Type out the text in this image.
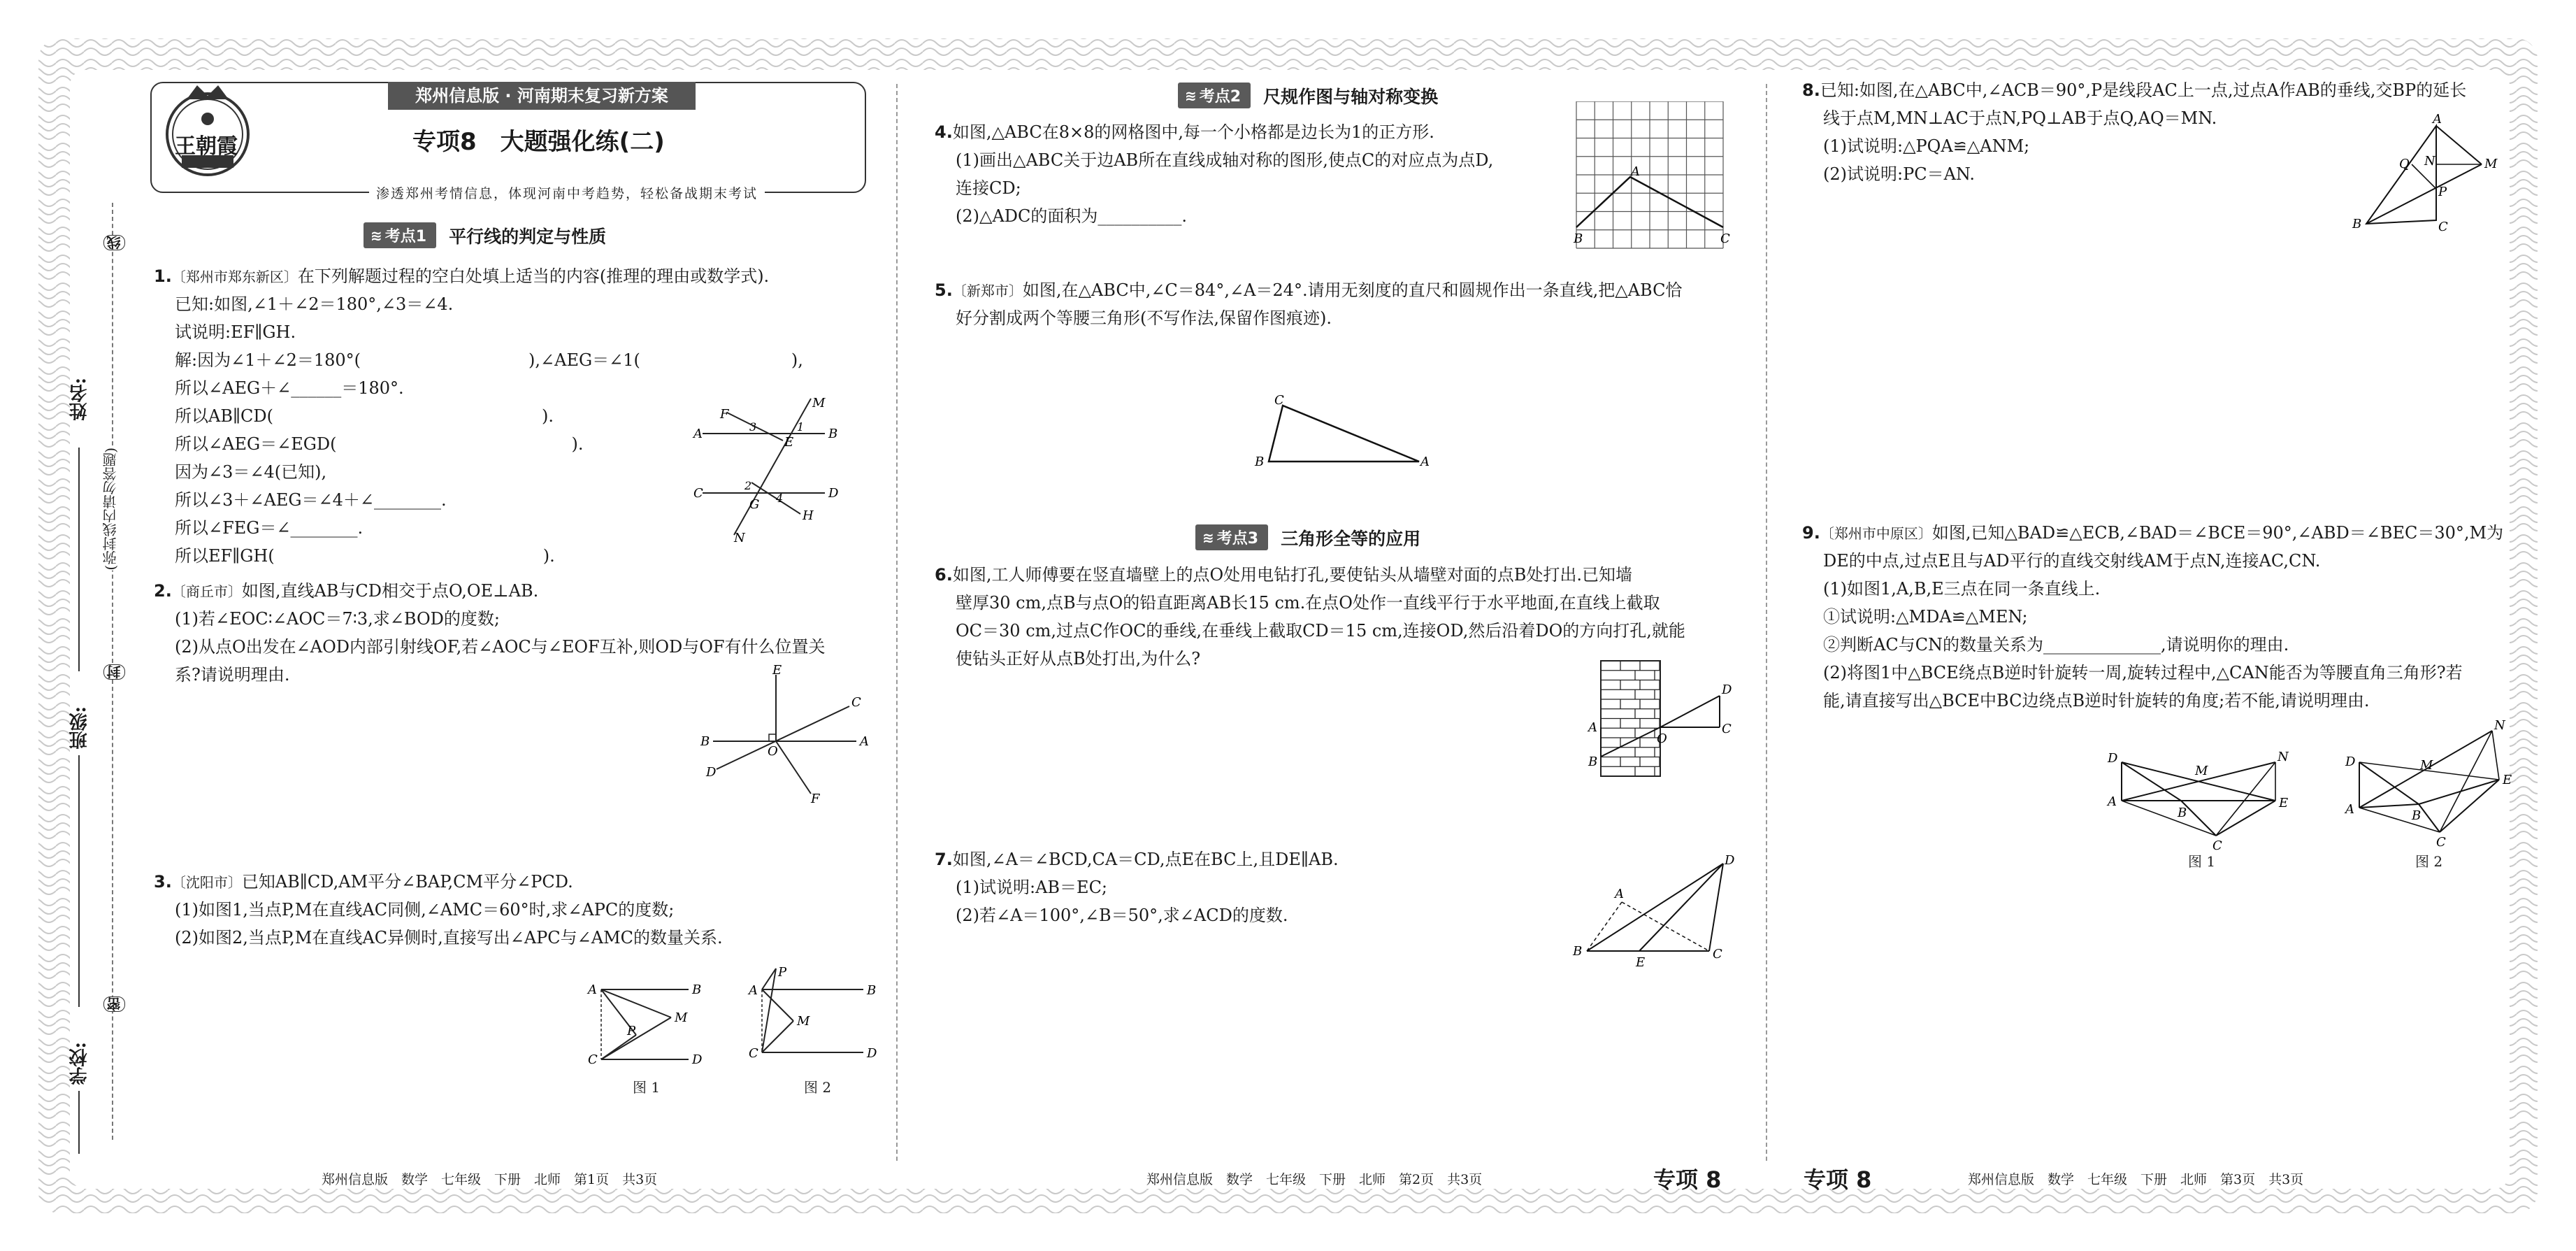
姓名:
班级:
学校:
(弥封线内请勿答题)
线
封
密
王朝霞
郑州信息版 · 河南期末复习新方案
专项8　大题强化练(二)
渗透郑州考情信息，体现河南中考趋势，轻松备战期末考试
≋ 考点1 平行线的判定与性质
1.〔郑州市郑东新区〕在下列解题过程的空白处填上适当的内容(推理的理由或数学式).
已知:如图,∠1＋∠2＝180°,∠3＝∠4.
试说明:EF∥GH.
解:因为∠1＋∠2＝180°(　　　　　　　　　　),∠AEG＝∠1(　　　　　　　　　),
所以∠AEG＋∠______＝180°.
所以AB∥CD(　　　　　　　　　　　　　　　　).
所以∠AEG＝∠EGD(　　　　　　　　　　　　　　).
因为∠3＝∠4(已知),
所以∠3＋∠AEG＝∠4＋∠________.
所以∠FEG＝∠________.
所以EF∥GH(　　　　　　　　　　　　　　　　).
A	B
C	D
M
N
F
E
H
G
1
2
3
4
2.〔商丘市〕如图,直线AB与CD相交于点O,OE⊥AB.
(1)若∠EOC∶∠AOC＝7∶3,求∠BOD的度数;
(2)从点O出发在∠AOD内部引射线OF,若∠AOC与∠EOF互补,则OD与OF有什么位置关
系?请说明理由.	E
B	A
C
D
O
F
3.〔沈阳市〕已知AB∥CD,AM平分∠BAP,CM平分∠PCD.
(1)如图1,当点P,M在直线AC同侧,∠AMC＝60°时,求∠APC的度数;
(2)如图2,当点P,M在直线AC异侧时,直接写出∠APC与∠AMC的数量关系.
A	B
C	D
P
M
图 1
A	B
C	D
P
M
图 2
郑州信息版　数学　七年级　下册　北师　第1页　共3页
≋ 考点2 尺规作图与轴对称变换
4.如图,△ABC在8×8的网格图中,每一个小格都是边长为1的正方形.
(1)画出△ABC关于边AB所在直线成轴对称的图形,使点C的对应点为点D,
连接CD;
(2)△ADC的面积为__________.
A
B	C
5.〔新郑市〕如图,在△ABC中,∠C＝84°,∠A＝24°.请用无刻度的直尺和圆规作出一条直线,把△ABC恰
好分割成两个等腰三角形(不写作法,保留作图痕迹).
C
B	A
≋ 考点3 三角形全等的应用
6.如图,工人师傅要在竖直墙壁上的点O处用电钻打孔,要使钻头从墙壁对面的点B处打出.已知墙
壁厚30 cm,点B与点O的铅直距离AB长15 cm.在点O处作一直线平行于水平地面,在直线上截取
OC＝30 cm,过点C作OC的垂线,在垂线上截取CD＝15 cm,连接OD,然后沿着DO的方向打孔,就能
使钻头正好从点B处打出,为什么?
A
B
O
C
D
7.如图,∠A＝∠BCD,CA＝CD,点E在BC上,且DE∥AB.
(1)试说明:AB＝EC;
(2)若∠A＝100°,∠B＝50°,求∠ACD的度数.
A
B	C
D
E
郑州信息版　数学　七年级　下册　北师　第2页　共3页	专项 8
8.已知:如图,在△ABC中,∠ACB＝90°,P是线段AC上一点,过点A作AB的垂线,交BP的延长
线于点M,MN⊥AC于点N,PQ⊥AB于点Q,AQ＝MN.
(1)试说明:△PQA≌△ANM;
(2)试说明:PC＝AN.
A
B	C
M
N
P
Q
9.〔郑州市中原区〕如图,已知△BAD≌△ECB,∠BAD＝∠BCE＝90°,∠ABD＝∠BEC＝30°,M为
DE的中点,过点E且与AD平行的直线交射线AM于点N,连接AC,CN.
(1)如图1,A,B,E三点在同一条直线上.
①试说明:△MDA≌△MEN;
②判断AC与CN的数量关系为______________,请说明你的理由.
(2)将图1中△BCE绕点B逆时针旋转一周,旋转过程中,△CAN能否为等腰直角三角形?若
能,请直接写出△BCE中BC边绕点B逆时针旋转的角度;若不能,请说明理由.
D
A
B
C
E
N
M
图 1
D
A	B
C
E
N
M
图 2
专项 8	郑州信息版　数学　七年级　下册　北师　第3页　共3页
